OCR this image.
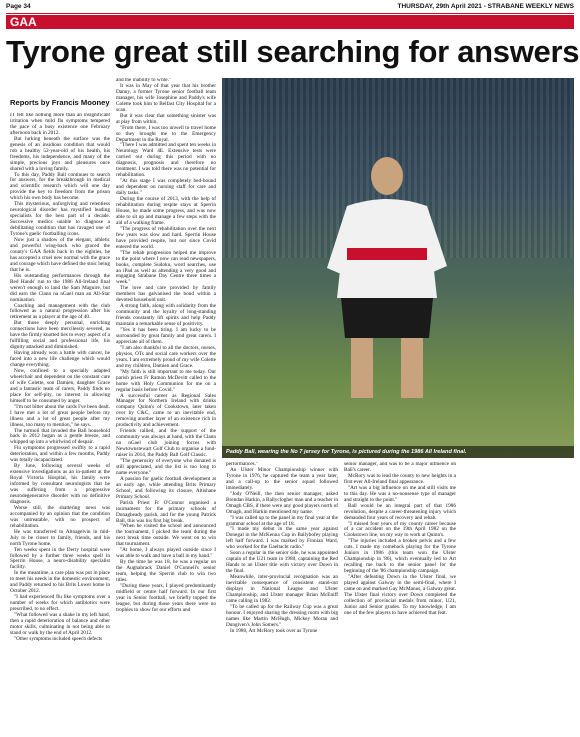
Page 34	THURSDAY, 29th April 2021 - STRABANE WEEKLY NEWS
GAA
Tyrone great still searching for answers
Reports by Francis Mooney

IT felt like nothing more than an insignificant irritation when mild flu symptoms tempered the pace of a busy existence one February afternoon back in 2012.

But lurking beneath the surface was the genesis of an insidious condition that would rob a healthy 52-year-old of his health, his freedoms, his independence, and many of the simple, precious joys and pleasures once shared with a loving family.

To this day, Paddy Ball continues to search for answers, for the breakthrough in medical and scientific research which will one day provide the key to freedom from the prison which his own body has become.

This mysterious, unforgiving and relentless neurological disorder has mystified leading specialists for the best part of a decade. Successive medics unable to diagnose a debilitating condition that has ravaged one of Tyrone's gaelic footballing icons.

Now just a shadow of the elegant, athletic and powerful wing-back who graced the county's GAA fields back in the eighties, he has accepted a cruel new normal with the grace and courage which have defined the stoic being that he is.

His outstanding performances through the Red Hands' run to the 1986 All-Ireland final weren't enough to land the Sam Maguire, but did earn the Clann na nGael man an All-Star nomination.

Coaching and management with the club followed as a natural progression after his retirement as a player at the age of 40.

But those deeply personal, enriching connections have been mercilessly severed, as have the firmly knotted ties to every aspect of a fulfilling social and professional life, his dignity attacked and diminished.

Having already won a battle with cancer, he faced into a new life challenge which would change everything.

Now, confined to a specially adapted wheelchair and dependent on the constant care of wife Colette, son Damien, daughter Grace and a fantastic team of carers, Paddy finds no place for self-pity, no interest in allowing himself to be consumed by anger.

"I'm not bitter about the cards I've been dealt. I have met a lot of great people before my illness and a lot of great people after my illness, too many to mention," he says.

The turmoil that invaded the Ball household back in 2012 began as a gentle breeze, and whipped up into a whirlwind of despair.

Flu symptoms progressed swiftly to a rapid deterioration, and within a few months, Paddy was totally incapacitated.

By June, following several weeks of extensive investigations as an in-patient at the Royal Victoria Hospital, his family were informed by consultant neurologists that he was suffering from a progressive neurodegenerative disorder with no definitive diagnosis.

Worse still, the shattering news was accompanied by an opinion that the condition was untreatable, with no prospect of rehabilitation.

He was transferred to Altnagelvin in mid-July to be closer to family, friends, and his north Tyrone home.

Ten weeks spent in the Derry hospital were followed by a further three weeks spell in Sperrin House, a neuro-disability specialist facility.

In the meantime, a care plan was put in place to meet his needs in the domestic environment, and Paddy returned to his Brits Lower home in October 2012.

"I had experienced flu like symptoms over a number of weeks for which antibiotics were prescribed, to no effect.

"What followed was a shake in my left hand, then a rapid deterioration of balance and other motor skills, culminating in not being able to stand or walk by the end of April 2012.

"Other symptoms included speech defects

and the inability to write."

It was in May of that year that his brother Danny, a former Tyrone senior football team manager, his wife Josephine and Paddy's wife Colette took him to Belfast City Hospital for a scan.

But it was clear that something sinister was at play from within.

"From there, I was too unwell to travel home so they brought me to the Emergency Department in the Royal.

"There I was admitted and spent ten weeks in Neurology Ward 4E. Extensive tests were carried out during this period with no diagnosis, prognosis and therefore no treatment. I was told there was no potential for rehabilitation.

"At this stage I was completely bed-bound and dependent on nursing staff for care and daily tasks."

During the course of 2013, with the help of rehabilitation during respite stays at Sperrin House, he made some progress, and was now able to sit up and manage a few steps with the aid of a walking frame.

"The progress of rehabilitation over the next few years was slow and hard. Sperrin House have provided respite, but not since Covid entered the world.

"The rehab progression helped me improve to the point where I now can read newspapers, books, complete Sudoku, word searches, use an iPad as well as attending a very good and engaging Strabane Day Centre three times a week."

The love and care provided by family members has galvanised the bond within a devoted household unit.

A strong faith, along with solidarity from the community and the loyalty of long-standing friends constantly lift spirits and help Paddy maintain a remarkable sense of positivity.

"Yes it has been tiring. I am lucky to be surrounded by great family and great carers. I appreciate all of them.

"I am also thankful to all the doctors, nurses, physios, OTs and social care workers over the years. I am extremely proud of my wife Colette and my children, Damien and Grace.

"My faith is still important to me today. Our parish priest Fr Ramon McDevitt called to the home with Holy Communion for me on a regular basis before Covid."

A successful career as Regional Sales Manager for Northern Ireland with drinks company Quinn's of Cookstown, later taken over by C&C, came to an inevitable end, removing another layer of an existence rich in productivity and achievement.

Friends rallied, and the support of the community was always at hand, with the Clann na nGael club joining forces with Newtownstewart Golf Club to organise a fund-raiser in 2014, the Paddy Ball Golf Classic.

"The generosity of everyone who donated is still appreciated, and the list is too long to name everyone."

A passion for gaelic football development at an early age, while attending Brits Primary School, and following its closure, Altishane Primary School.

Parish Priest Fr O'Connor organised a tournament for the primary schools of Donagheady parish, and for the young Patrick Ball, this was his first big break.

"When he visited the school and announced the tournament, I picked the team during the next break time outside. We went on to win that tournament.

"At home, I always played outside since I was able to walk and have a ball in my hand."

By the time he was 18, he was a regular on the Aughabrack Daniel O'Connell's senior team, helping the Sperrin club to win two titles.

"During these years, I played predominantly midfield or centre half forward. In our first year in Senior football, we briefly topped the league, but during those years there were no trophies to show for our efforts and

Paddy Ball, wearing the No 7 jersey for Tyrone, is pictured during the 1986 All Ireland final.

performances."

An Ulster Minor Championship winner with Tyrone in 1976, he captured the team a year later, and a call-up to the senior squad followed immediately.

"Jody O'Neill, the then senior manager, asked Brendan Harkin, a Ballyclogher man and a teacher in Omagh CBS, if there were any good players north of Omagh, and Harkin mentioned my name.

"I was called up to the panel in my final year at the grammar school at the age of 18.

"I made my debut in the same year against Donegal in the McKenna Cup in Ballybofey playing left half forward. I was marked by Finnian Ward, who worked for the Gaeltacht radio."

Soon a regular in the senior side, he was appointed captain of the U21 team in 1980, captaining the Red Hands to an Ulster title with victory over Down in the final.

Meanwhile, inter-provincial recognation was an inevitable consequence of consistent stand-out displays in National League and Ulster Championship, and Ulster manager Brian McEniff came calling in 1982.

"To be called up for the Railway Cup was a great honour. I enjoyed sharing the dressing room with big names like Martin McHugh, Mickey Moran and Dungiven's John Somers."

In 1980, Art McRory took over as Tyrone

senior manager, and was to be a major influence on Ball's career.

McRory was to lead the county to new heights in a first ever All-Ireland final appearance.

"Art was a big influence on me and still visits me to this day. He was a no-nonsense type of manager and straight to the point."

Ball would be an integral part of that 1986 revolution, despite a career-threatening injury which demanded four years of recovery and rehab.

"I missed four years of my county career because of a car accident on the 19th April 1982 on the Cookstown line, on my way to work at Quinn's.

"The injuries included a broken pelvis and a few cuts. I made my comeback playing for the Tyrone Juniors in 1986 (this team won the Ulster Championship in '86), which eventually led to Art recalling me back to the senior panel for the beginning of the '86 championship campaign.

"After defeating Down in the Ulster final, we played against Galway in the semi-final, where I came on and marked Gay McManus, a Galway great. The Ulster final victory over Down completed the collection of provincial medals from minor, U21, Junior and Senior grades. To my knowledge, I am one of the few players to have achieved that feat.
